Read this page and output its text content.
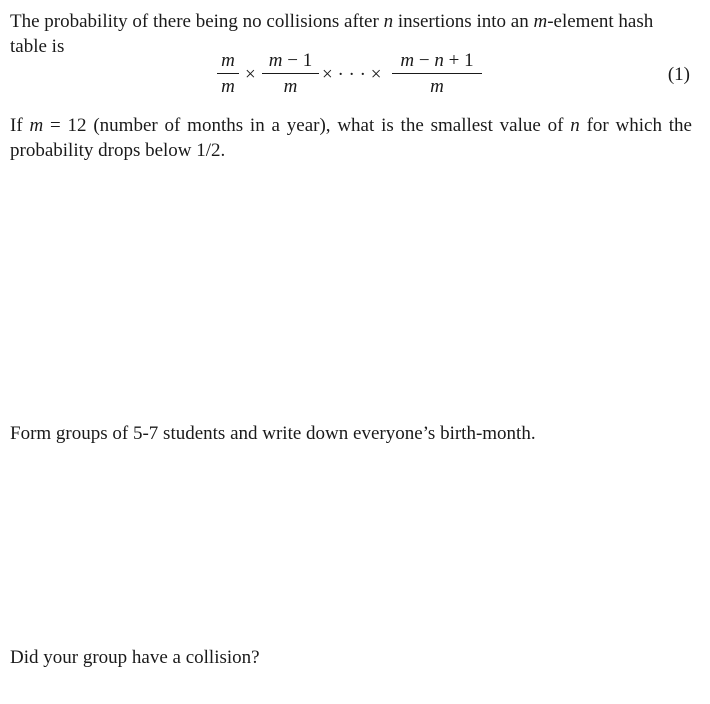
The probability of there being no collisions after n insertions into an m-element hash table is

m
m
×
m − 1
m
× · · · ×
m − n + 1
m
(1)

If m = 12 (number of months in a year), what is the smallest value of n for which the probability drops below 1/2.

Form groups of 5-7 students and write down everyone’s birth-month.

Did your group have a collision?
